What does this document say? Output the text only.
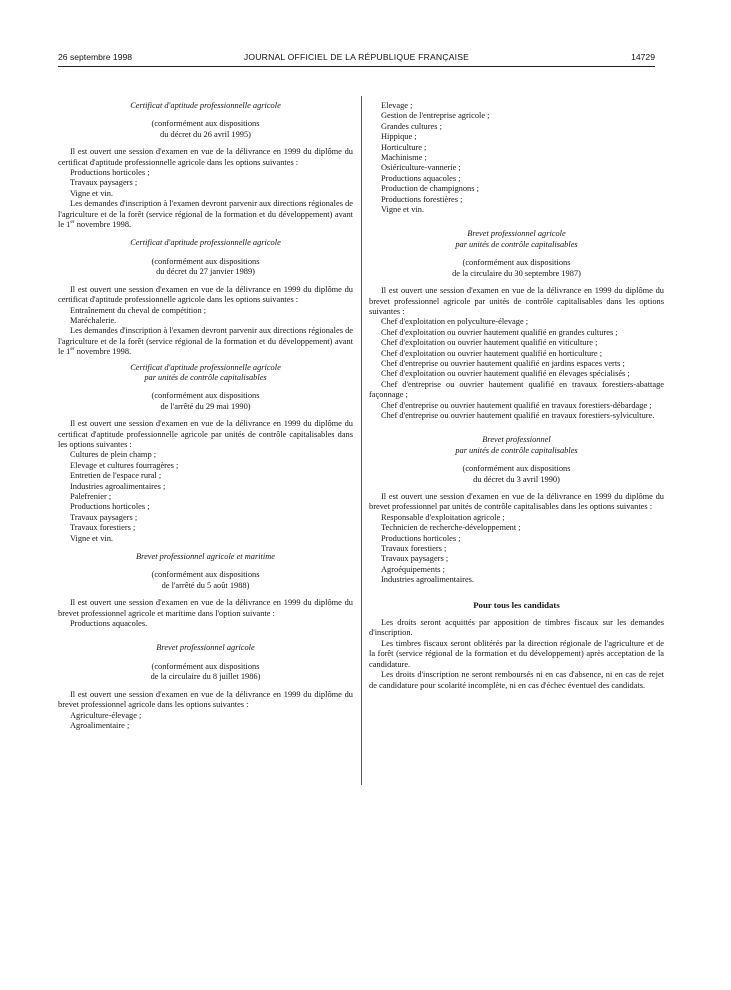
26 septembre 1998	JOURNAL OFFICIEL DE LA RÉPUBLIQUE FRANÇAISE	14729
Certificat d'aptitude professionnelle agricole
(conformément aux dispositions
du décret du 26 avril 1995)

Il est ouvert une session d'examen en vue de la délivrance en 1999 du diplôme du certificat d'aptitude professionnelle agricole dans les options suivantes :

Productions horticoles ;
Travaux paysagers ;
Vigne et vin.

Les demandes d'inscription à l'examen devront parvenir aux directions régionales de l'agriculture et de la forêt (service régional de la formation et du développement) avant le 1er novembre 1998.

Certificat d'aptitude professionnelle agricole
(conformément aux dispositions
du décret du 27 janvier 1989)

Il est ouvert une session d'examen en vue de la délivrance en 1999 du diplôme du certificat d'aptitude professionnelle agricole dans les options suivantes :

Entraînement du cheval de compétition ;
Maréchalerie.

Les demandes d'inscription à l'examen devront parvenir aux directions régionales de l'agriculture et de la forêt (service régional de la formation et du développement) avant le 1er novembre 1998.

Certificat d'aptitude professionnelle agricole
par unités de contrôle capitalisables
(conformément aux dispositions
de l'arrêté du 29 mai 1990)

Il est ouvert une session d'examen en vue de la délivrance en 1999 du diplôme du certificat d'aptitude professionnelle agricole par unités de contrôle capitalisables dans les options suivantes :

Cultures de plein champ ;
Elevage et cultures fourragères ;
Entretien de l'espace rural ;
Industries agroalimentaires ;
Palefrenier ;
Productions horticoles ;
Travaux paysagers ;
Travaux forestiers ;
Vigne et vin.
Brevet professionnel agricole et maritime
(conformément aux dispositions
de l'arrêté du 5 août 1988)

Il est ouvert une session d'examen en vue de la délivrance en 1999 du diplôme du brevet professionnel agricole et maritime dans l'option suivante :

Productions aquacoles.
Brevet professionnel agricole
(conformément aux dispositions
de la circulaire du 8 juillet 1986)

Il est ouvert une session d'examen en vue de la délivrance en 1999 du diplôme du brevet professionnel agricole dans les options suivantes :

Agriculture-élevage ;
Agroalimentaire ;
Elevage ;
Gestion de l'entreprise agricole ;
Grandes cultures ;
Hippique ;
Horticulture ;
Machinisme ;
Osiériculture-vannerie ;
Productions aquacoles ;
Production de champignons ;
Productions forestières ;
Vigne et vin.
Brevet professionnel agricole
par unités de contrôle capitalisables
(conformément aux dispositions
de la circulaire du 30 septembre 1987)

Il est ouvert une session d'examen en vue de la délivrance en 1999 du diplôme du brevet professionnel agricole par unités de contrôle capitalisables dans les options suivantes :

Chef d'exploitation en polyculture-élevage ;

Chef d'exploitation ou ouvrier hautement qualifié en grandes cultures ;

Chef d'exploitation ou ouvrier hautement qualifié en viticulture ;

Chef d'exploitation ou ouvrier hautement qualifié en horticulture ;

Chef d'entreprise ou ouvrier hautement qualifié en jardins espaces verts ;

Chef d'exploitation ou ouvrier hautement qualifié en élevages spécialisés ;

Chef d'entreprise ou ouvrier hautement qualifié en travaux forestiers-abattage façonnage ;

Chef d'entreprise ou ouvrier hautement qualifié en travaux forestiers-débardage ;

Chef d'entreprise ou ouvrier hautement qualifié en travaux forestiers-sylviculture.

Brevet professionnel
par unités de contrôle capitalisables
(conformément aux dispositions
du décret du 3 avril 1990)

Il est ouvert une session d'examen en vue de la délivrance en 1999 du diplôme du brevet professionnel par unités de contrôle capitalisables dans les options suivantes :

Responsable d'exploitation agricole ;
Technicien de recherche-développement ;
Productions horticoles ;
Travaux forestiers ;
Travaux paysagers ;
Agroéquipements ;
Industries agroalimentaires.
Pour tous les candidats

Les droits seront acquittés par apposition de timbres fiscaux sur les demandes d'inscription.

Les timbres fiscaux seront oblitérés par la direction régionale de l'agriculture et de la forêt (service régional de la formation et du développement) après acceptation de la candidature.

Les droits d'inscription ne seront remboursés ni en cas d'absence, ni en cas de rejet de candidature pour scolarité incomplète, ni en cas d'échec éventuel des candidats.
